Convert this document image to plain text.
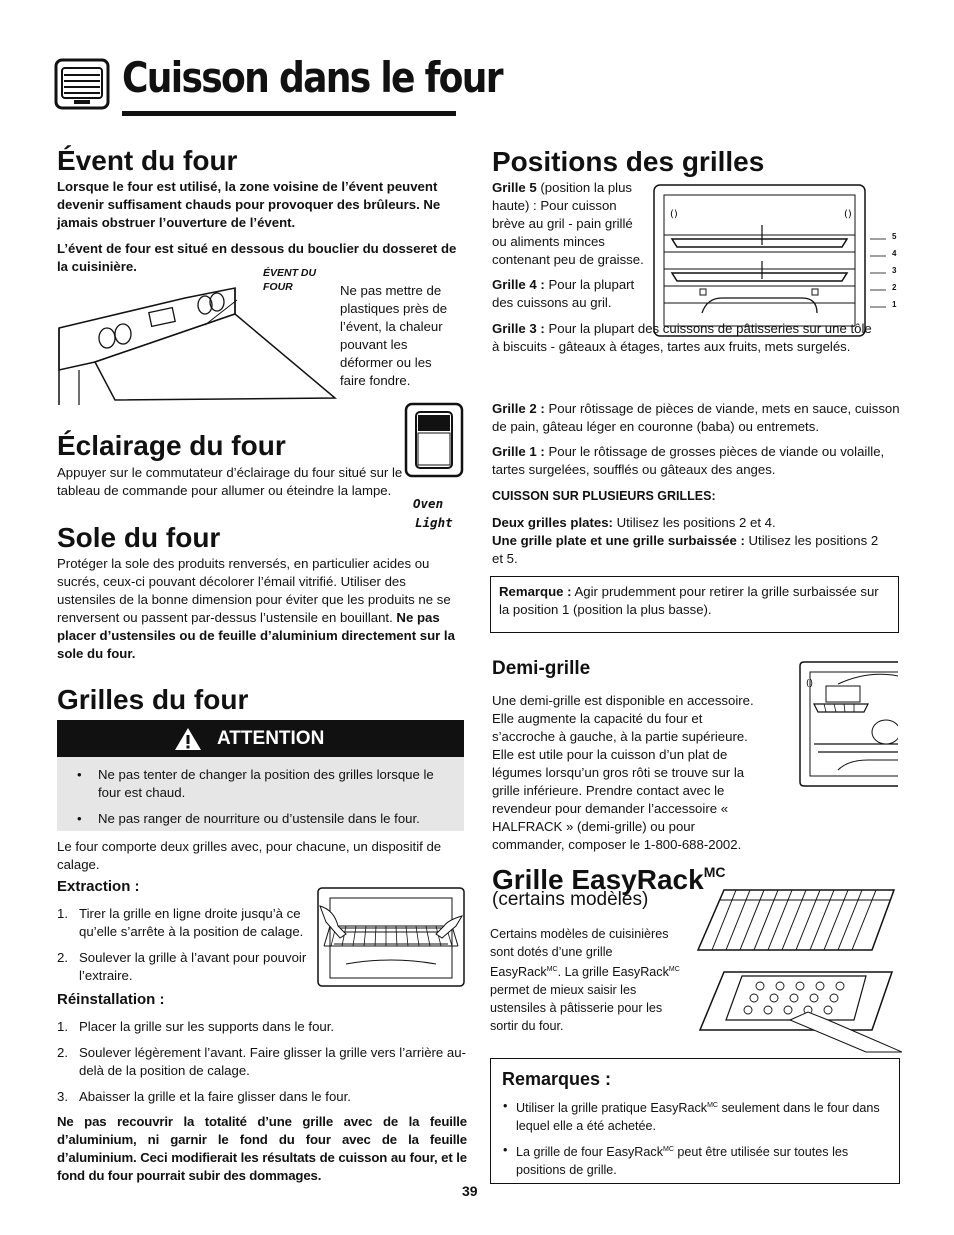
Cuisson dans le four
Évent du four

Lorsque le four est utilisé, la zone voisine de l’évent peuvent devenir suffisament chauds pour provoquer des brûleurs. Ne jamais obstruer l’ouverture de l’évent.

L’évent de four est situé en dessous du bouclier du dosseret de la cuisinière.	ÉVENT DU FOUR	Ne pas mettre de plastiques près de l’évent, la chaleur pouvant les déformer ou les faire fondre.

Éclairage du four

Appuyer sur le commutateur d’éclairage du four situé sur le tableau de commande pour allumer ou éteindre la lampe.

Oven
Light
Sole du four
Protéger la sole des produits renversés, en particulier acides ou sucrés, ceux-ci pouvant décolorer l’émail vitrifié. Utiliser des ustensiles de la bonne dimension pour éviter que les produits ne se renversent ou passent par-dessus l’ustensile en bouillant. Ne pas placer d’ustensiles ou de feuille d’aluminium directement sur la sole du four.
Grilles du four
ATTENTION
• Ne pas tenter de changer la position des grilles lorsque le four est chaud.
• Ne pas ranger de nourriture ou d’ustensile dans le four.

Le four comporte deux grilles avec, pour chacune, un dispositif de calage.

Extraction :
1. Tirer la grille en ligne droite jusqu’à ce qu’elle s’arrête à la position de calage.
2. Soulever la grille à l’avant pour pouvoir l’extraire.
Réinstallation :
1. Placer la grille sur les supports dans le four.
2. Soulever légèrement l’avant. Faire glisser la grille vers l’arrière au-delà de la position de calage.
3. Abaisser la grille et la faire glisser dans le four.

Ne pas recouvrir la totalité d’une grille avec de la feuille d’aluminium, ni garnir le fond du four avec de la feuille d’aluminium. Ceci modifierait les résultats de cuisson au four, et le fond du four pourrait subir des dommages.

Positions des grilles

Grille 5 (position la plus haute) : Pour cuisson brève au gril - pain grillé ou aliments minces contenant peu de graisse.

()	()
5
4
3
2
1

Grille 4 : Pour la plupart des cuissons au gril.

Grille 3 : Pour la plupart des cuissons de pâtisseries sur une tôle à biscuits - gâteaux à étages, tartes aux fruits, mets surgelés.

Grille 2 : Pour rôtissage de pièces de viande, mets en sauce, cuisson de pain, gâteau léger en couronne (baba) ou entremets.

Grille 1 : Pour le rôtissage de grosses pièces de viande ou volaille, tartes surgelées, soufflés ou gâteaux des anges.

CUISSON SUR PLUSIEURS GRILLES:

Deux grilles plates: Utilisez les positions 2 et 4.

Une grille plate et une grille surbaissée : Utilisez les positions 2 et 5.

Remarque : Agir prudemment pour retirer la grille surbaissée sur la position 1 (position la plus basse).

Demi-grille

Une demi-grille est disponible en accessoire. Elle augmente la capacité du four et s’accroche à gauche, à la partie supérieure. Elle est utile pour la cuisson d’un plat de légumes lorsqu’un gros rôti se trouve sur la grille inférieure. Prendre contact avec le revendeur pour demander l’accessoire « HALFRACK » (demi-grille) ou pour commander, composer le 1-800-688-2002.

()
Grille EasyRack$^{MC}$

(certains modèles)

Certains modèles de cuisinières sont dotés d’une grille EasyRack$^{MC}$. La grille EasyRack$^{MC}$ permet de mieux saisir les ustensiles à pâtisserie pour les sortir du four.

Remarques :
• Utiliser la grille pratique EasyRack$^{MC}$ seulement dans le four dans lequel elle a été achetée.
• La grille de four EasyRack$^{MC}$ peut être utilisée sur toutes les positions de grille.
39
